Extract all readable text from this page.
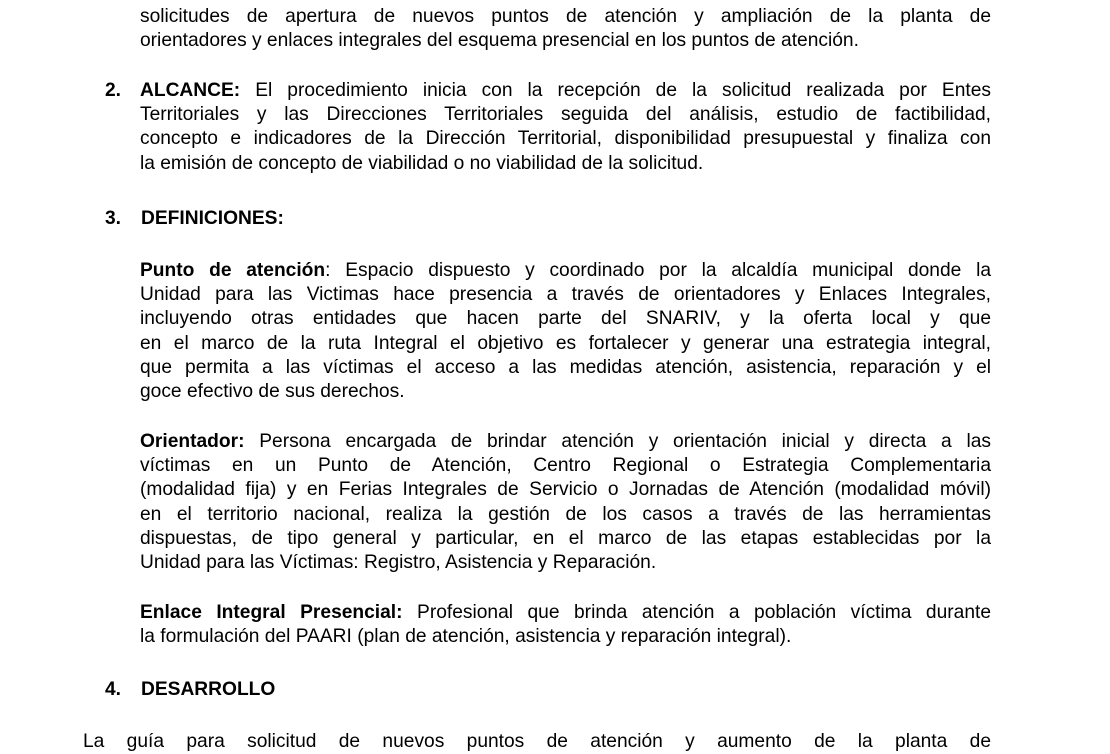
solicitudes de apertura de nuevos puntos de atención y ampliación de la planta de
orientadores y enlaces integrales del esquema presencial en los puntos de atención.
2. ALCANCE: El procedimiento inicia con la recepción de la solicitud realizada por Entes
Territoriales y las Direcciones Territoriales seguida del análisis, estudio de factibilidad,
concepto e indicadores de la Dirección Territorial, disponibilidad presupuestal y finaliza con
la emisión de concepto de viabilidad o no viabilidad de la solicitud.
3. DEFINICIONES:
Punto de atención: Espacio dispuesto y coordinado por la alcaldía municipal donde la
Unidad para las Victimas hace presencia a través de orientadores y Enlaces Integrales,
incluyendo otras entidades que hacen parte del SNARIV, y la oferta local y que
en el marco de la ruta Integral el objetivo es fortalecer y generar una estrategia integral,
que permita a las víctimas el acceso a las medidas atención, asistencia, reparación y el
goce efectivo de sus derechos.
Orientador: Persona encargada de brindar atención y orientación inicial y directa a las
víctimas en un Punto de Atención, Centro Regional o Estrategia Complementaria
(modalidad fija) y en Ferias Integrales de Servicio o Jornadas de Atención (modalidad móvil)
en el territorio nacional, realiza la gestión de los casos a través de las herramientas
dispuestas, de tipo general y particular, en el marco de las etapas establecidas por la
Unidad para las Víctimas: Registro, Asistencia y Reparación.
Enlace Integral Presencial: Profesional que brinda atención a población víctima durante
la formulación del PAARI (plan de atención, asistencia y reparación integral).
4. DESARROLLO
La guía para solicitud de nuevos puntos de atención y aumento de la planta de
